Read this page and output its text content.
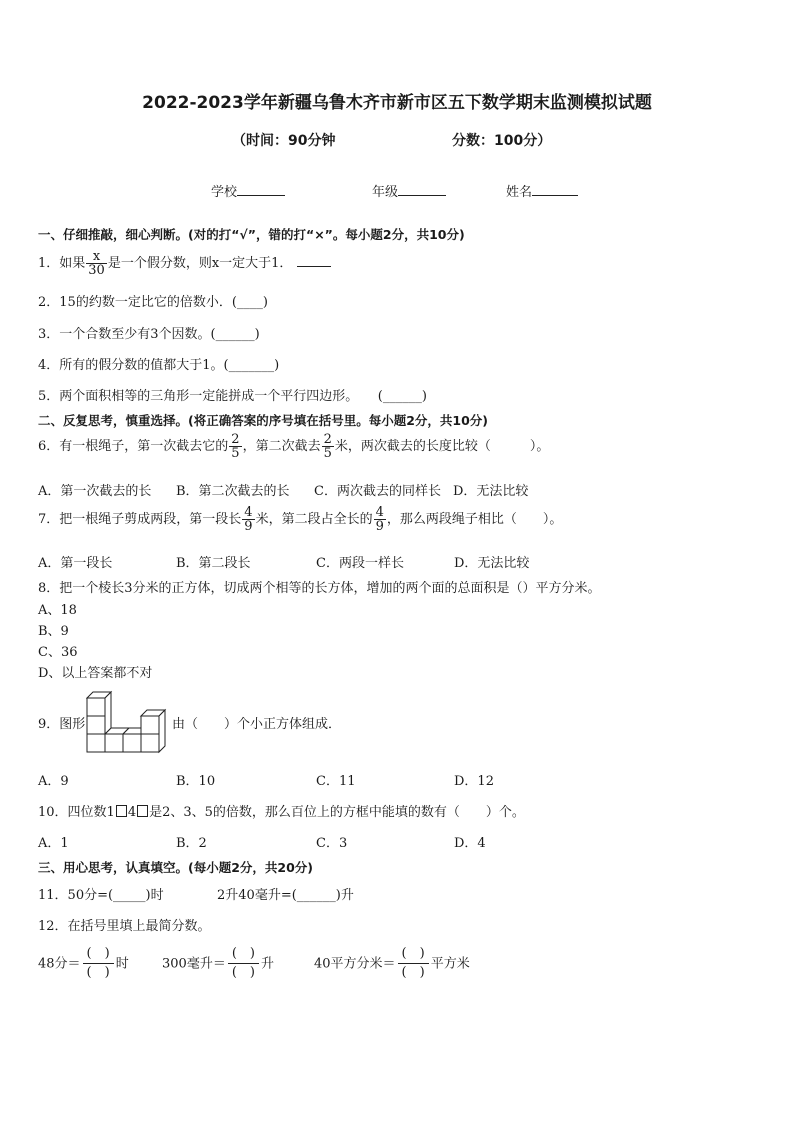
2022-2023学年新疆乌鲁木齐市新市区五下数学期末监测模拟试题
（时间：90分钟	分数：100分）
学校	年级	姓名
一、仔细推敲，细心判断。(对的打“√”，错的打“×”。每小题2分，共10分)
1．如果 $\frac{x}{30}$ 是一个假分数，则x一定大于1．
2．15的约数一定比它的倍数小．(____)
3．一个合数至少有3个因数。(______)
4．所有的假分数的值都大于1。(_______)
5．两个面积相等的三角形一定能拼成一个平行四边形。　　(______)
二、反复思考，慎重选择。(将正确答案的序号填在括号里。每小题2分，共10分)
6．有一根绳子，第一次截去它的 $\frac{2}{5}$ ，第二次截去 $\frac{2}{5}$ 米，两次截去的长度比较（　　　）。
A．第一次截去的长 B．第二次截去的长 C．两次截去的同样长 D．无法比较
7．把一根绳子剪成两段，第一段长 $\frac{4}{9}$ 米，第二段占全长的 $\frac{4}{9}$ ，那么两段绳子相比（　　）。
A．第一段长	B．第二段长	C．两段一样长	D．无法比较
8．把一个棱长3分米的正方体，切成两个相等的长方体，增加的两个面的总面积是（）平方分米。
A、18
B、9
C、36
D、以上答案都不对
9．图形	由（　　）个小正方体组成．
A．9	B．10	C．11	D．12
10．四位数1 4 是2、3、5的倍数，那么百位上的方框中能填的数有（　　）个。
A．1	B．2	C．3	D．4
三、用心思考，认真填空。(每小题2分，共20分)
11．50分=(_____)时	2升40毫升=(______)升
12．在括号里填上最简分数。
48分＝
(　)
(　)
时	300毫升＝
(　)
(　)
升	40平方分米＝
(　)
(　)
平方米
